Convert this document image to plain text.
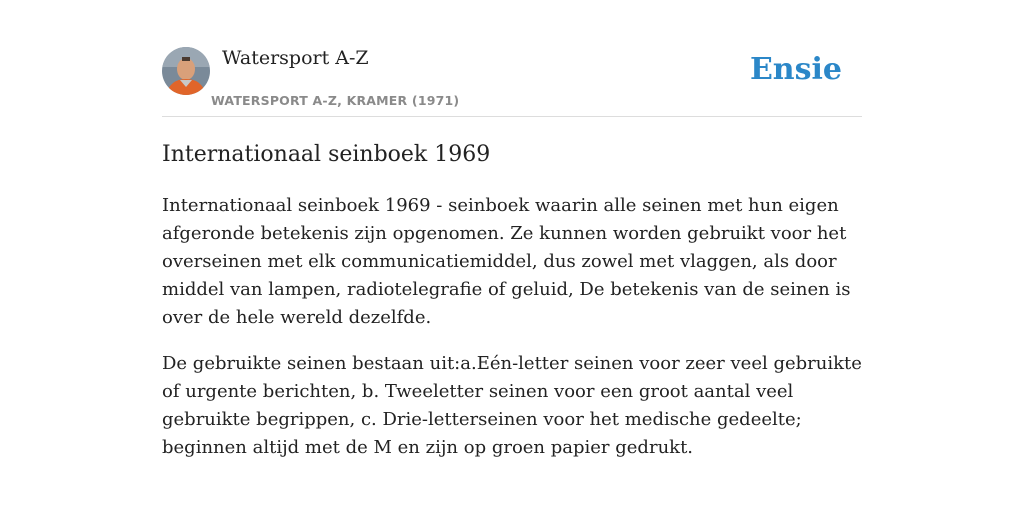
Watersport A-Z
WATERSPORT A-Z, KRAMER (1971)
Ensie
Internationaal seinboek 1969

Internationaal seinboek 1969 - seinboek waarin alle seinen met hun eigen afgeronde betekenis zijn opgenomen. Ze kunnen worden gebruikt voor het overseinen met elk communicatiemiddel, dus zowel met vlaggen, als door middel van lampen, radiotelegrafie of geluid, De betekenis van de seinen is over de hele wereld dezelfde.

De gebruikte seinen bestaan uit:a.Eén-letter seinen voor zeer veel gebruikte of urgente berichten, b. Tweeletter seinen voor een groot aantal veel gebruikte begrippen, c. Drie-letterseinen voor het medische gedeelte; beginnen altijd met de M en zijn op groen papier gedrukt.
